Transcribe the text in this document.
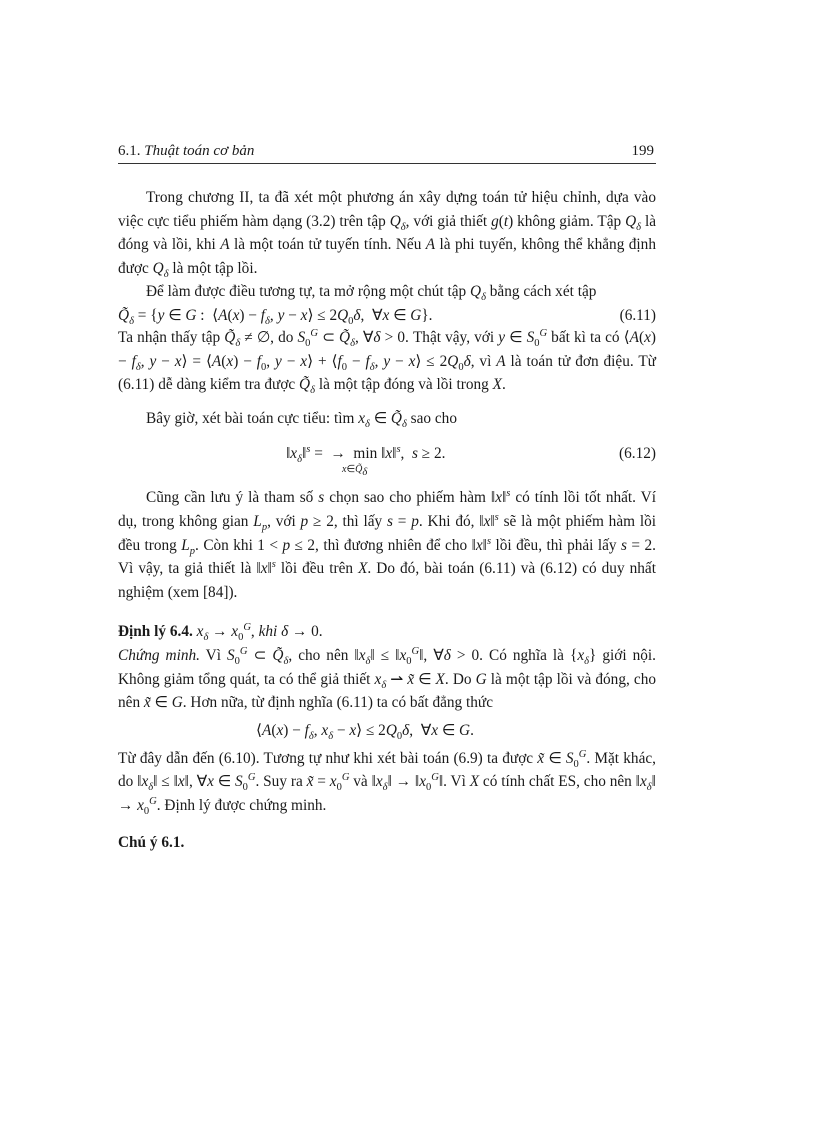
6.1. Thuật toán cơ bản	199

Trong chương II, ta đã xét một phương án xây dựng toán tử hiệu chỉnh, dựa vào việc cực tiểu phiếm hàm dạng (3.2) trên tập $Q_\delta$, với giả thiết g(t) không giảm. Tập $Q_\delta$ là đóng và lồi, khi A là một toán tử tuyến tính. Nếu A là phi tuyến, không thể khẳng định được $Q_\delta$ là một tập lồi.

Để làm được điều tương tự, ta mở rộng một chút tập $Q_\delta$ bằng cách xét tập

$Q̃_\delta = \{y$ ∈ G :  ⟨A(x) − $f_\delta$, y − x⟩ ≤ $2Q_0\delta$,  ∀x ∈ G}.	(6.11)

Ta nhận thấy tập $Q̃_\delta$ ≠ ∅, do $S_0^G$ ⊂ $Q̃_\delta$, ∀δ > 0. Thật vậy, với y ∈ $S_0^G$ bất kì ta có ⟨A(x) − $f_\delta$, y − x⟩ = ⟨A(x) − $f_0$, y − x⟩ + $⟨f_0 - f_\delta$, y − x⟩ ≤ $2Q_0\delta$, vì A là toán tử đơn điệu. Từ (6.11) dễ dàng kiểm tra được $Q̃_\delta$ là một tập đóng và lồi trong X.

Bây giờ, xét bài toán cực tiểu: tìm $x_\delta$ ∈ $Q̃_\delta$ sao cho

$‖x_\delta‖^s$ =  →  min ‖x‖$^s$,  s ≥ 2.
$x\in Q̃_\delta$
(6.12)

Cũng cần lưu ý là tham số s chọn sao cho phiếm hàm ‖x‖$^s$ có tính lồi tốt nhất. Ví dụ, trong không gian $L_p$, với p ≥ 2, thì lấy s = p. Khi đó, ‖x‖$^s$ sẽ là một phiếm hàm lồi đều trong $L_p$. Còn khi 1 < p ≤ 2, thì đương nhiên để cho ‖x‖$^s$ lồi đều, thì phải lấy s = 2. Vì vậy, ta giả thiết là ‖x‖$^s$ lồi đều trên X. Do đó, bài toán (6.11) và (6.12) có duy nhất nghiệm (xem [84]).

Định lý 6.4. $x_\delta \to x_0^G$, khi δ → 0.

Chứng minh. Vì $S_0^G$ ⊂ $Q̃_\delta$, cho nên $‖x_\delta‖$ ≤ $‖x_0^G‖$, ∀δ > 0. Có nghĩa là $\{x_\delta\}$ giới nội. Không giảm tổng quát, ta có thể giả thiết $x_\delta$ ⇀ x̃ ∈ X. Do G là một tập lồi và đóng, cho nên x̃ ∈ G. Hơn nữa, từ định nghĩa (6.11) ta có bất đẳng thức

⟨A(x) − $f_\delta$, $x_\delta$ − x⟩ ≤ $2Q_0\delta$,  ∀x ∈ G.

Từ đây dẫn đến (6.10). Tương tự như khi xét bài toán (6.9) ta được x̃ ∈ $S_0^G$. Mặt khác, do $‖x_\delta‖$ ≤ ‖x‖, ∀x ∈ $S_0^G$. Suy ra x̃ = $x_0^G$ và $‖x_\delta‖$ → $‖x_0^G‖$. Vì X có tính chất ES, cho nên $‖x_\delta‖ \to x_0^G$. Định lý được chứng minh.

Chú ý 6.1.
